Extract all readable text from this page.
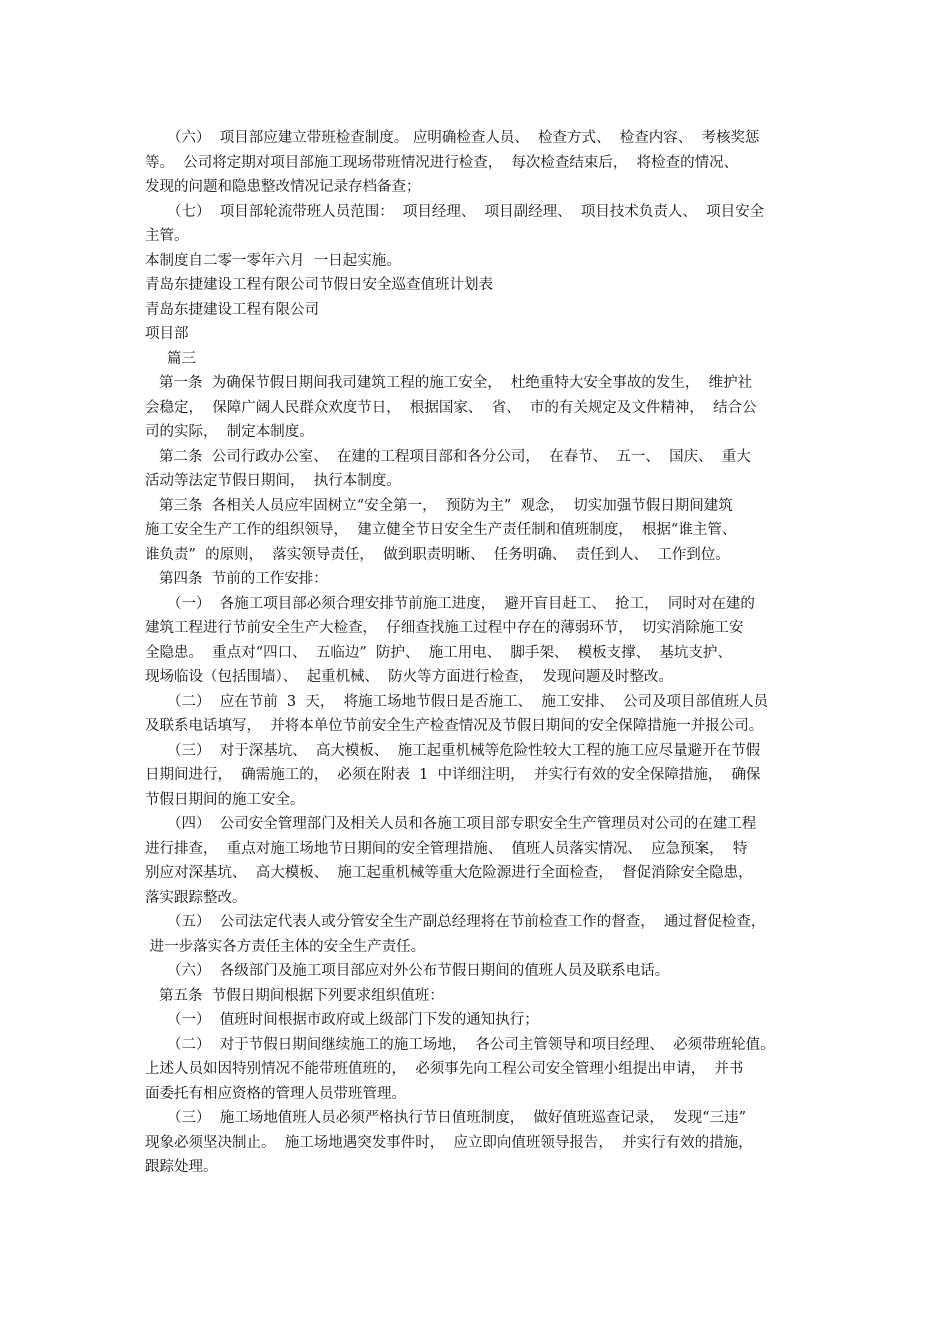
（六）  项目部应建立带班检查制度。 应明确检查人员、  检查方式、  检查内容、  考核奖惩
等。  公司将定期对项目部施工现场带班情况进行检查，  每次检查结束后，  将检查的情况、
发现的问题和隐患整改情况记录存档备查；
（七）  项目部轮流带班人员范围：  项目经理、  项目副经理、  项目技术负责人、  项目安全
主管。
本制度自二零一零年六月  一日起实施。
青岛东捷建设工程有限公司节假日安全巡查值班计划表
青岛东捷建设工程有限公司
项目部
篇三
第一条  为确保节假日期间我司建筑工程的施工安全，  杜绝重特大安全事故的发生，  维护社
会稳定，  保障广阔人民群众欢度节日，  根据国家、  省、  市的有关规定及文件精神，  结合公
司的实际，  制定本制度。
第二条  公司行政办公室、  在建的工程项目部和各分公司，  在春节、  五一、  国庆、  重大
活动等法定节假日期间，  执行本制度。
第三条  各相关人员应牢固树立“安全第一，  预防为主”  观念，  切实加强节假日期间建筑
施工安全生产工作的组织领导，  建立健全节日安全生产责任制和值班制度，  根据“谁主管、
谁负责”  的原则，  落实领导责任，  做到职责明晰、  任务明确、  责任到人、  工作到位。
第四条  节前的工作安排：
（一）  各施工项目部必须合理安排节前施工进度，  避开盲目赶工、  抢工，  同时对在建的
建筑工程进行节前安全生产大检查，  仔细查找施工过程中存在的薄弱环节，  切实消除施工安
全隐患。  重点对“四口、  五临边”  防护、  施工用电、  脚手架、  模板支撑、  基坑支护、
现场临设（包括围墙）、  起重机械、  防火等方面进行检查，  发现问题及时整改。
（二）  应在节前  3  天，  将施工场地节假日是否施工、  施工安排、  公司及项目部值班人员
及联系电话填写，  并将本单位节前安全生产检查情况及节假日期间的安全保障措施一并报公司。
（三）  对于深基坑、  高大模板、  施工起重机械等危险性较大工程的施工应尽量避开在节假
日期间进行，  确需施工的，  必须在附表  1  中详细注明，  并实行有效的安全保障措施，  确保
节假日期间的施工安全。
（四）  公司安全管理部门及相关人员和各施工项目部专职安全生产管理员对公司的在建工程
进行排查，  重点对施工场地节日期间的安全管理措施、  值班人员落实情况、  应急预案，  特
别应对深基坑、  高大模板、  施工起重机械等重大危险源进行全面检查，  督促消除安全隐患，
落实跟踪整改。
（五）  公司法定代表人或分管安全生产副总经理将在节前检查工作的督查，  通过督促检查，
进一步落实各方责任主体的安全生产责任。
（六）  各级部门及施工项目部应对外公布节假日期间的值班人员及联系电话。
第五条  节假日期间根据下列要求组织值班：
（一）  值班时间根据市政府或上级部门下发的通知执行；
（二）  对于节假日期间继续施工的施工场地，  各公司主管领导和项目经理、  必须带班轮值。
上述人员如因特别情况不能带班值班的，  必须事先向工程公司安全管理小组提出申请，  并书
面委托有相应资格的管理人员带班管理。
（三）  施工场地值班人员必须严格执行节日值班制度，  做好值班巡查记录，  发现“三违”
现象必须坚决制止。  施工场地遇突发事件时，  应立即向值班领导报告，  并实行有效的措施，
跟踪处理。
